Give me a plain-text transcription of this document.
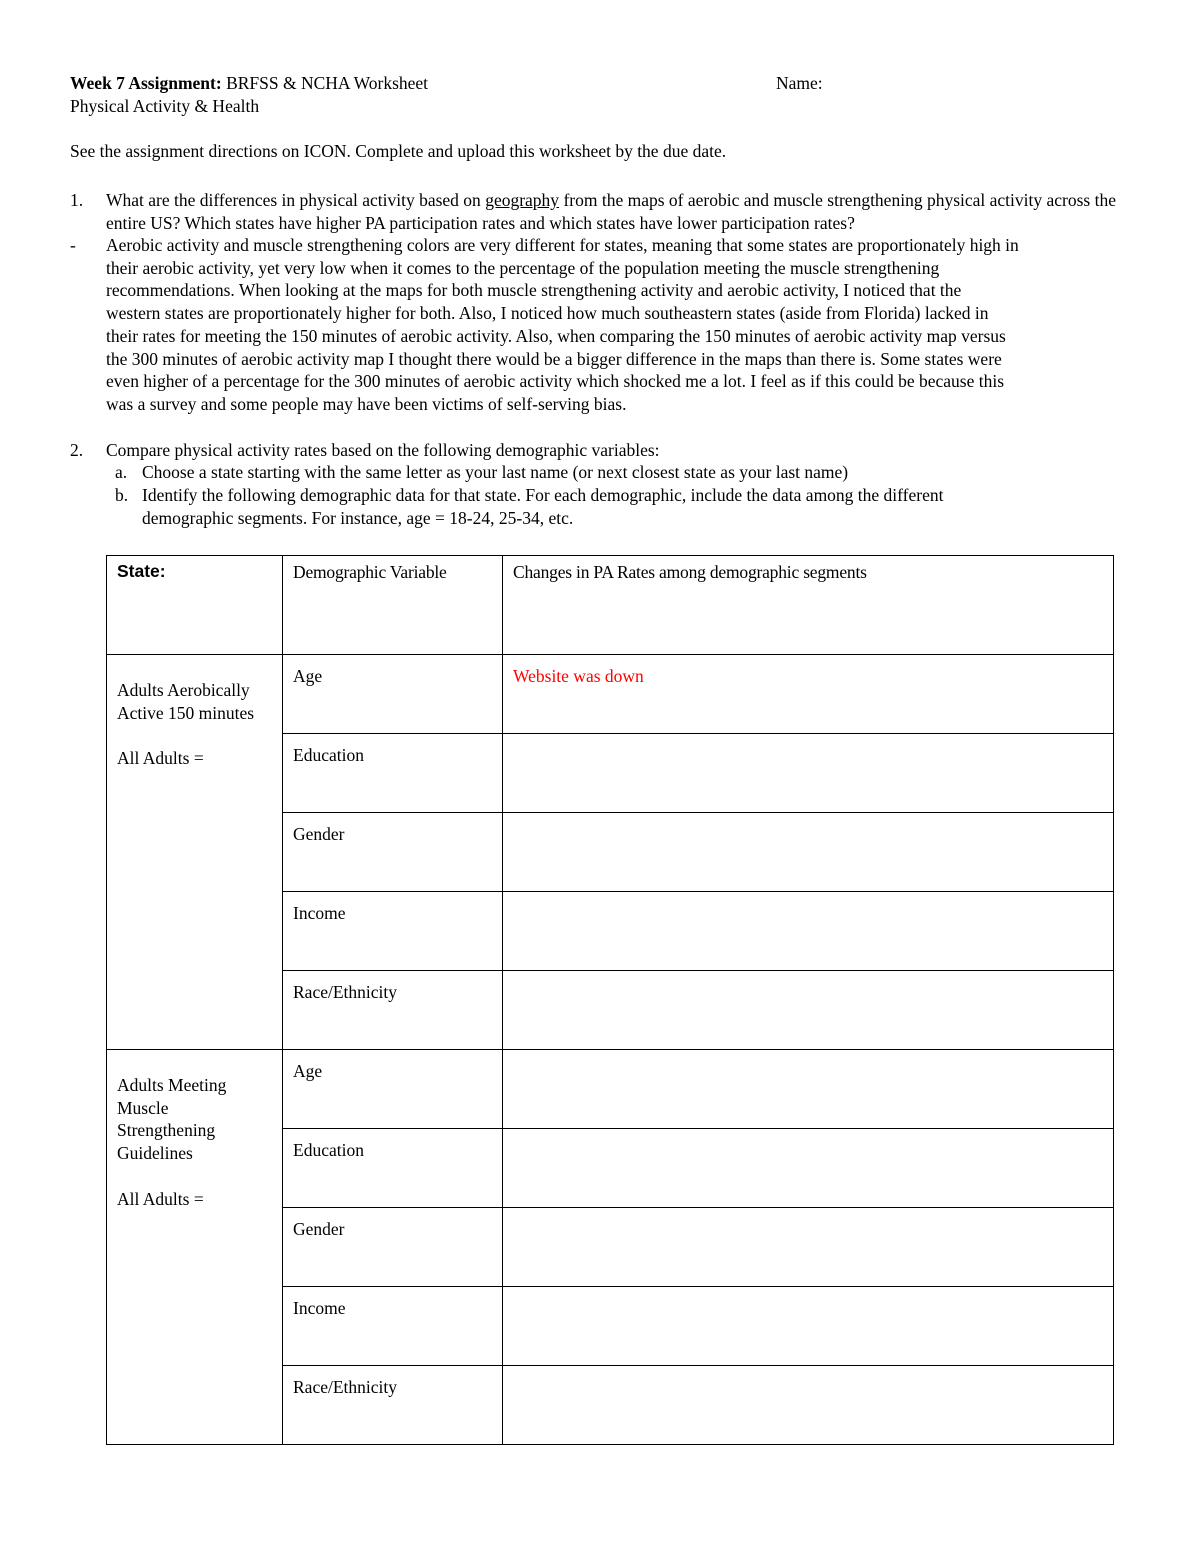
Week 7 Assignment: BRFSS & NCHA Worksheet
Physical Activity & Health
Name:
See the assignment directions on ICON. Complete and upload this worksheet by the due date.
1. What are the differences in physical activity based on geography from the maps of aerobic and muscle strengthening physical activity across the entire US? Which states have higher PA participation rates and which states have lower participation rates?
- Aerobic activity and muscle strengthening colors are very different for states, meaning that some states are proportionately high in
their aerobic activity, yet very low when it comes to the percentage of the population meeting the muscle strengthening
recommendations. When looking at the maps for both muscle strengthening activity and aerobic activity, I noticed that the
western states are proportionately higher for both. Also, I noticed how much southeastern states (aside from Florida) lacked in
their rates for meeting the 150 minutes of aerobic activity. Also, when comparing the 150 minutes of aerobic activity map versus
the 300 minutes of aerobic activity map I thought there would be a bigger difference in the maps than there is. Some states were
even higher of a percentage for the 300 minutes of aerobic activity which shocked me a lot. I feel as if this could be because this
was a survey and some people may have been victims of self-serving bias.
2. Compare physical activity rates based on the following demographic variables:
a. Choose a state starting with the same letter as your last name (or next closest state as your last name)
b. Identify the following demographic data for that state. For each demographic, include the data among the different
demographic segments. For instance, age = 18-24, 25-34, etc.
State:	Demographic Variable	Changes in PA Rates among demographic segments

Adults Aerobically
Active 150 minutes
All Adults =	Age	Website was down
	Education	
	Gender	
	Income	
	Race/Ethnicity	

Adults Meeting
Muscle
Strengthening
Guidelines
All Adults =	Age	
	Education	
	Gender	
	Income	
	Race/Ethnicity	
